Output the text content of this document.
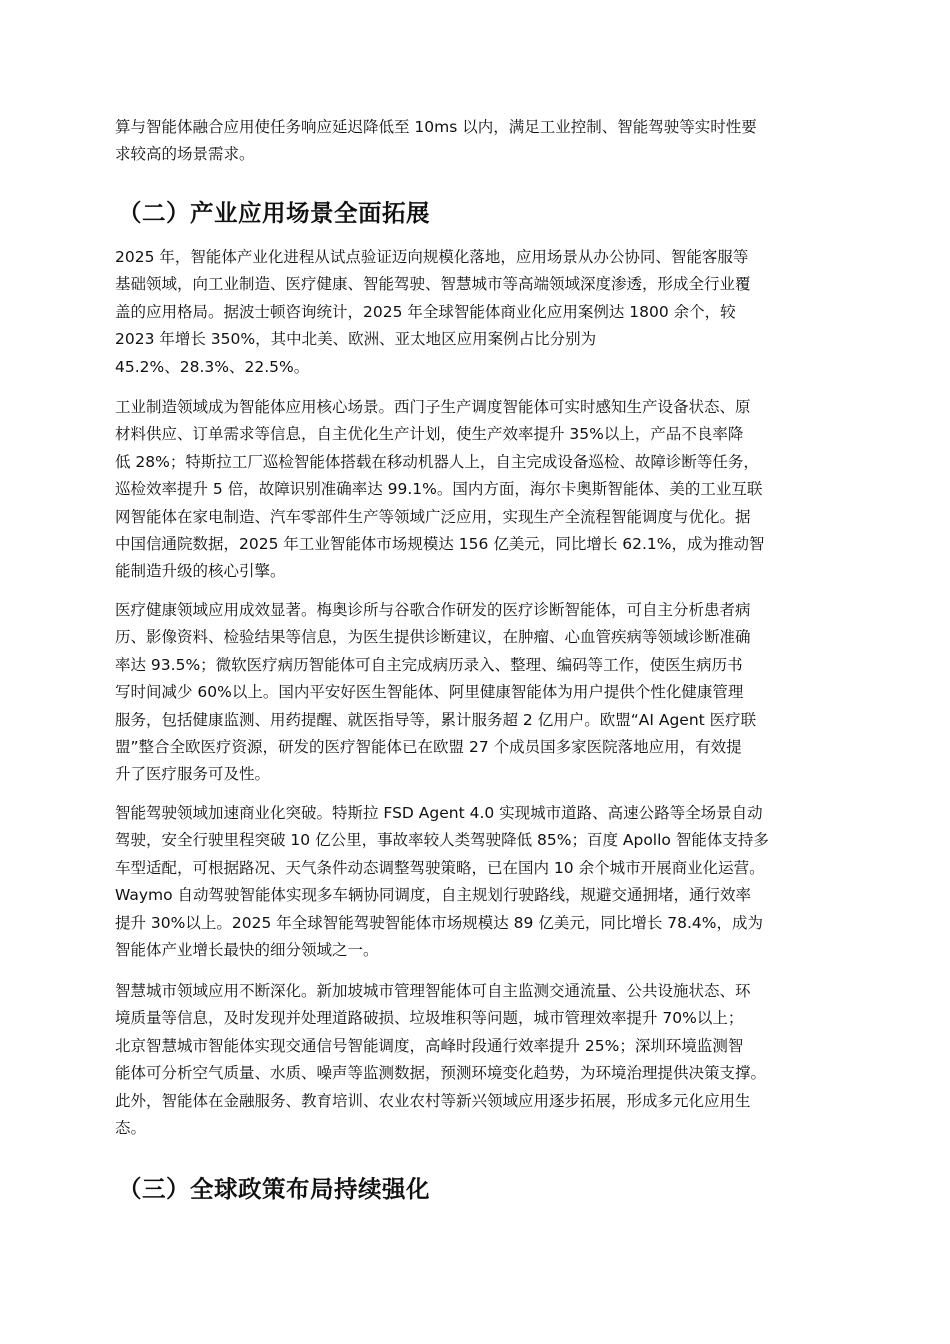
算与智能体融合应用使任务响应延迟降低至 10ms 以内，满足工业控制、智能驾驶等实时性要
求较高的场景需求。

（二）产业应用场景全面拓展

2025 年，智能体产业化进程从试点验证迈向规模化落地，应用场景从办公协同、智能客服等
基础领域，向工业制造、医疗健康、智能驾驶、智慧城市等高端领域深度渗透，形成全行业覆
盖的应用格局。据波士顿咨询统计，2025 年全球智能体商业化应用案例达 1800 余个，较
2023 年增长 350%，其中北美、欧洲、亚太地区应用案例占比分别为
45.2%、28.3%、22.5%。

工业制造领域成为智能体应用核心场景。西门子生产调度智能体可实时感知生产设备状态、原
材料供应、订单需求等信息，自主优化生产计划，使生产效率提升 35%以上，产品不良率降
低 28%；特斯拉工厂巡检智能体搭载在移动机器人上，自主完成设备巡检、故障诊断等任务，
巡检效率提升 5 倍，故障识别准确率达 99.1%。国内方面，海尔卡奥斯智能体、美的工业互联
网智能体在家电制造、汽车零部件生产等领域广泛应用，实现生产全流程智能调度与优化。据
中国信通院数据，2025 年工业智能体市场规模达 156 亿美元，同比增长 62.1%，成为推动智
能制造升级的核心引擎。

医疗健康领域应用成效显著。梅奥诊所与谷歌合作研发的医疗诊断智能体，可自主分析患者病
历、影像资料、检验结果等信息，为医生提供诊断建议，在肿瘤、心血管疾病等领域诊断准确
率达 93.5%；微软医疗病历智能体可自主完成病历录入、整理、编码等工作，使医生病历书
写时间减少 60%以上。国内平安好医生智能体、阿里健康智能体为用户提供个性化健康管理
服务，包括健康监测、用药提醒、就医指导等，累计服务超 2 亿用户。欧盟“AI Agent 医疗联
盟”整合全欧医疗资源，研发的医疗智能体已在欧盟 27 个成员国多家医院落地应用，有效提
升了医疗服务可及性。

智能驾驶领域加速商业化突破。特斯拉 FSD Agent 4.0 实现城市道路、高速公路等全场景自动
驾驶，安全行驶里程突破 10 亿公里，事故率较人类驾驶降低 85%；百度 Apollo 智能体支持多
车型适配，可根据路况、天气条件动态调整驾驶策略，已在国内 10 余个城市开展商业化运营。
Waymo 自动驾驶智能体实现多车辆协同调度，自主规划行驶路线，规避交通拥堵，通行效率
提升 30%以上。2025 年全球智能驾驶智能体市场规模达 89 亿美元，同比增长 78.4%，成为
智能体产业增长最快的细分领域之一。

智慧城市领域应用不断深化。新加坡城市管理智能体可自主监测交通流量、公共设施状态、环
境质量等信息，及时发现并处理道路破损、垃圾堆积等问题，城市管理效率提升 70%以上；
北京智慧城市智能体实现交通信号智能调度，高峰时段通行效率提升 25%；深圳环境监测智
能体可分析空气质量、水质、噪声等监测数据，预测环境变化趋势，为环境治理提供决策支撑。
此外，智能体在金融服务、教育培训、农业农村等新兴领域应用逐步拓展，形成多元化应用生
态。

（三）全球政策布局持续强化
